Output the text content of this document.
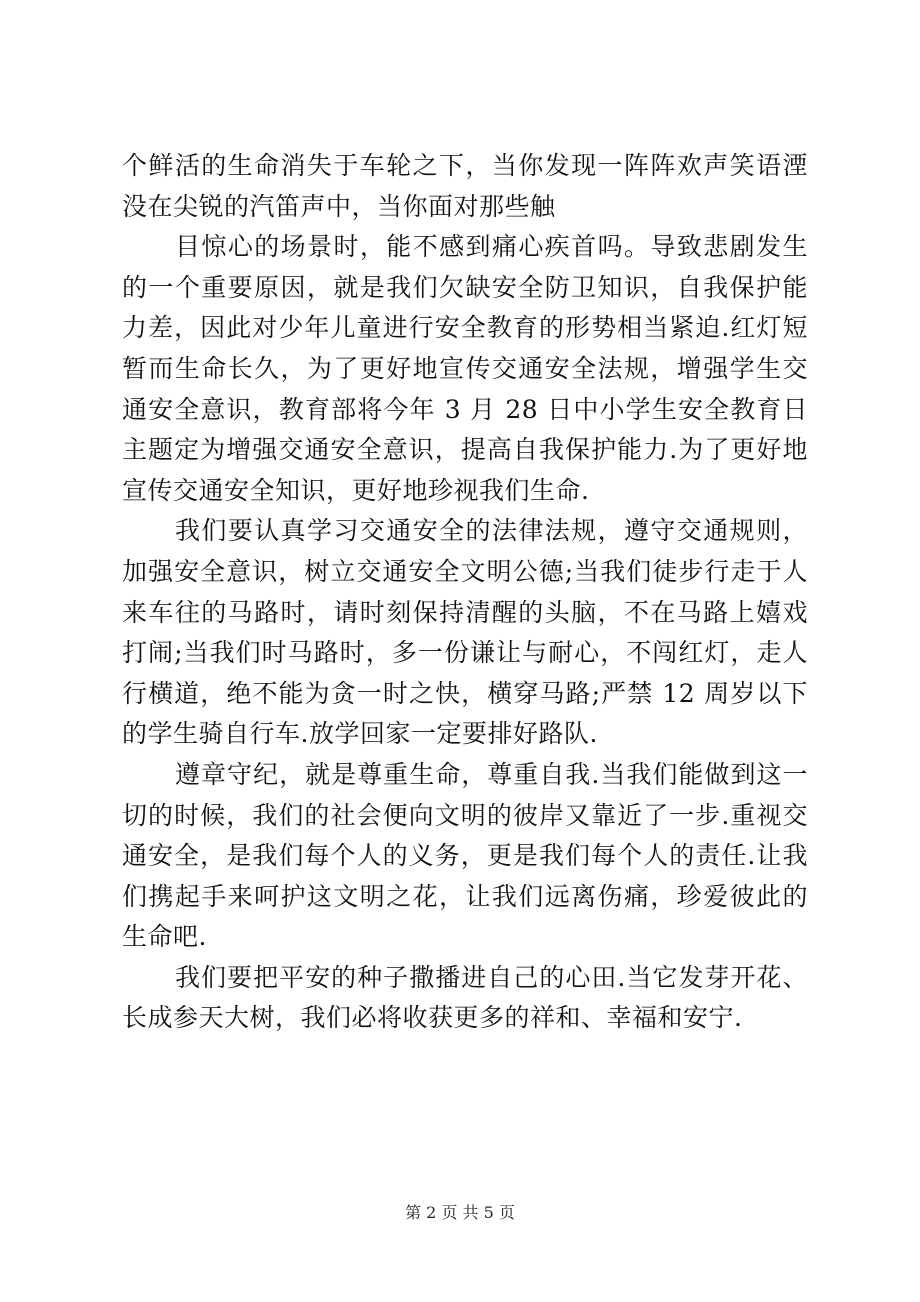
个鲜活的生命消失于车轮之下，当你发现一阵阵欢声笑语湮没在尖锐的汽笛声中，当你面对那些触

目惊心的场景时，能不感到痛心疾首吗。导致悲剧发生的一个重要原因，就是我们欠缺安全防卫知识，自我保护能力差，因此对少年儿童进行安全教育的形势相当紧迫.红灯短暂而生命长久，为了更好地宣传交通安全法规，增强学生交通安全意识，教育部将今年 3 月 28 日中小学生安全教育日主题定为增强交通安全意识，提高自我保护能力.为了更好地宣传交通安全知识，更好地珍视我们生命.

我们要认真学习交通安全的法律法规，遵守交通规则，加强安全意识，树立交通安全文明公德;当我们徒步行走于人来车往的马路时，请时刻保持清醒的头脑，不在马路上嬉戏打闹;当我们时马路时，多一份谦让与耐心，不闯红灯，走人行横道，绝不能为贪一时之快，横穿马路;严禁 12 周岁以下的学生骑自行车.放学回家一定要排好路队.

遵章守纪，就是尊重生命，尊重自我.当我们能做到这一切的时候，我们的社会便向文明的彼岸又靠近了一步.重视交通安全，是我们每个人的义务，更是我们每个人的责任.让我们携起手来呵护这文明之花，让我们远离伤痛，珍爱彼此的生命吧.

我们要把平安的种子撒播进自己的心田.当它发芽开花、长成参天大树，我们必将收获更多的祥和、幸福和安宁.

第 2 页 共 5 页
